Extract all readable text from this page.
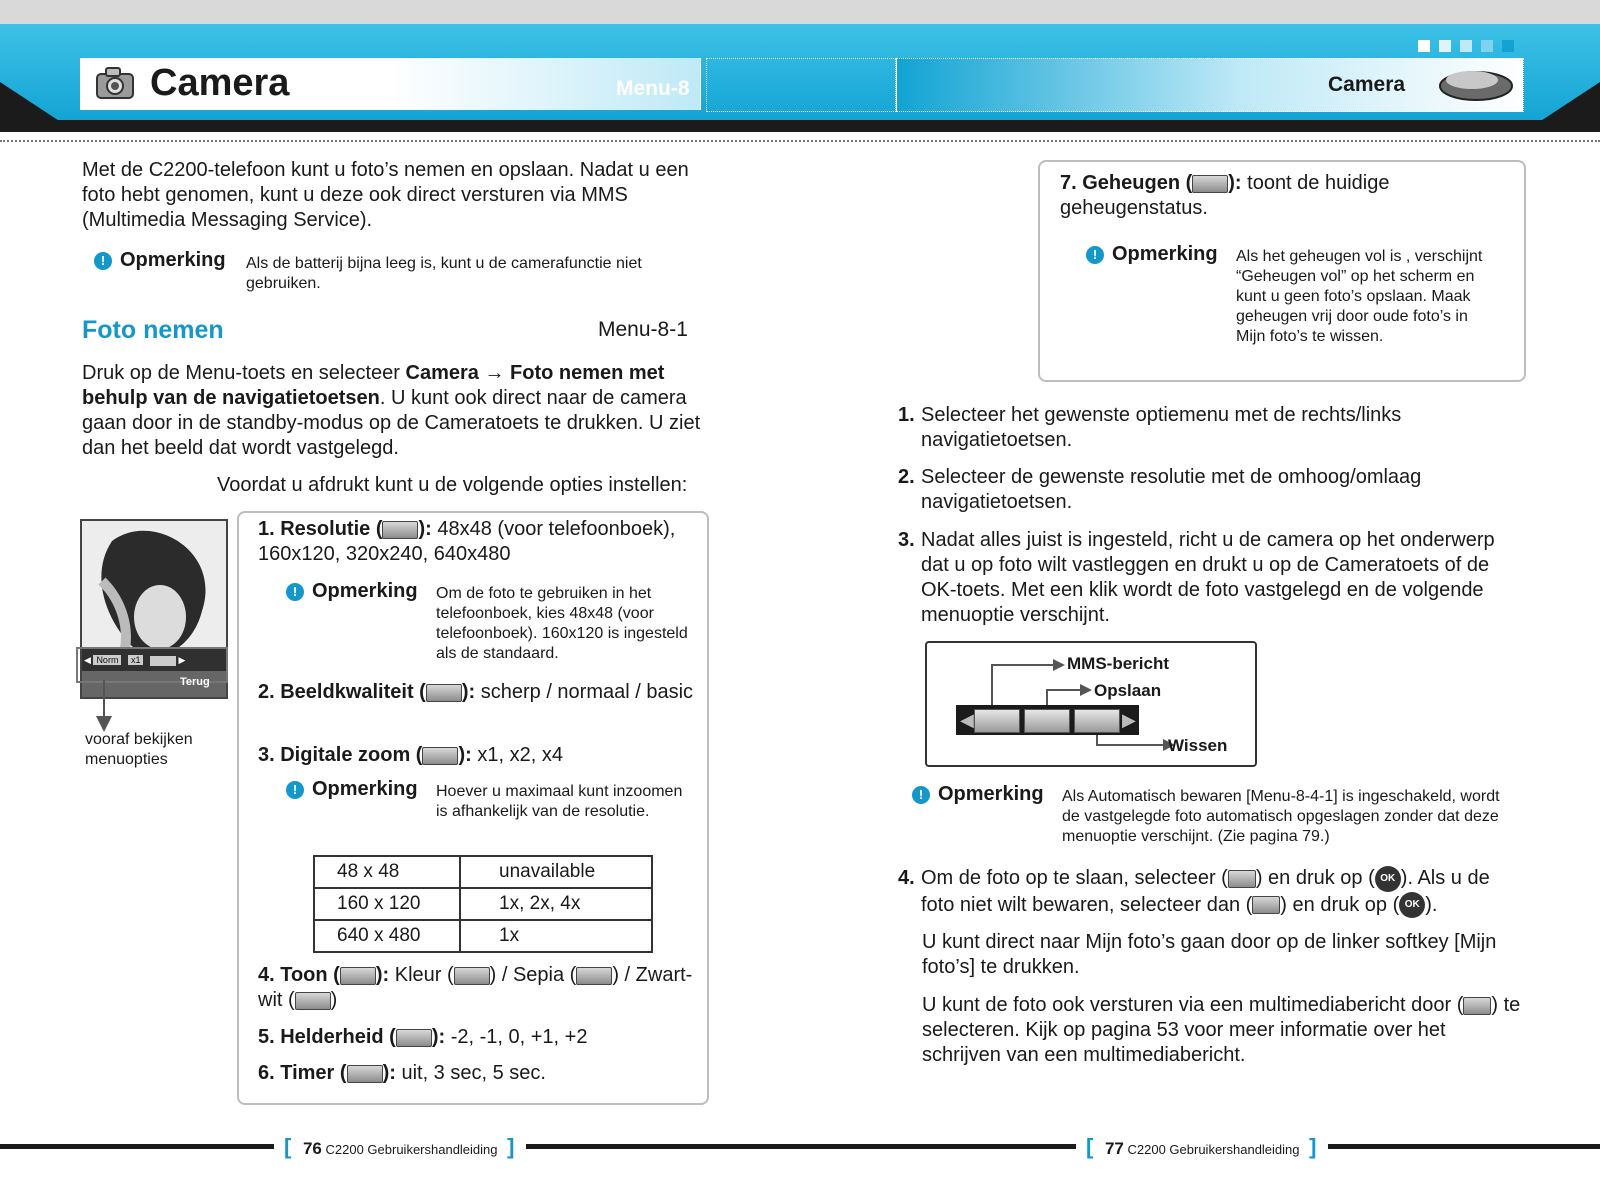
Camera	Menu-8	Camera
Met de C2200-telefoon kunt u foto’s nemen en opslaan. Nadat u een foto hebt genomen, kunt u deze ook direct versturen via MMS (Multimedia Messaging Service).
! Opmerking Als de batterij bijna leeg is, kunt u de camerafunctie niet gebruiken.
Foto nemen	Menu-8-1
Druk op de Menu-toets en selecteer Camera → Foto nemen met behulp van de navigatietoetsen. U kunt ook direct naar de camera gaan door in de standby-modus op de Cameratoets te drukken. U ziet dan het beeld dat wordt vastgelegd.
Voordat u afdrukt kunt u de volgende opties instellen:
◀ Norm x1	▶
Terug
vooraf bekijken menuopties
1. Resolutie ( ): 48x48 (voor telefoonboek), 160x120, 320x240, 640x480
! Opmerking Om de foto te gebruiken in het telefoonboek, kies 48x48 (voor telefoonboek). 160x120 is ingesteld als de standaard.
2. Beeldkwaliteit ( ): scherp / normaal / basic
3. Digitale zoom ( ): x1, x2, x4
! Opmerking Hoever u maximaal kunt inzoomen is afhankelijk van de resolutie.
48 x 48	unavailable
160 x 120	1x, 2x, 4x
640 x 480	1x
4. Toon ( ): Kleur ( ) / Sepia ( ) / Zwart-wit ( )
5. Helderheid ( ): -2, -1, 0, +1, +2
6. Timer ( ): uit, 3 sec, 5 sec.
7. Geheugen ( ): toont de huidige geheugenstatus.
! Opmerking Als het geheugen vol is , verschijnt “Geheugen vol” op het scherm en kunt u geen foto’s opslaan. Maak geheugen vrij door oude foto’s in Mijn foto’s te wissen.
1. Selecteer het gewenste optiemenu met de rechts/links navigatietoetsen.
2. Selecteer de gewenste resolutie met de omhoog/omlaag navigatietoetsen.
3. Nadat alles juist is ingesteld, richt u de camera op het onderwerp dat u op foto wilt vastleggen en drukt u op de Cameratoets of de OK-toets. Met een klik wordt de foto vastgelegd en de volgende menuoptie verschijnt.
MMS-bericht
Opslaan
Wissen
◀	▶
! Opmerking Als Automatisch bewaren [Menu-8-4-1] is ingeschakeld, wordt de vastgelegde foto automatisch opgeslagen zonder dat deze menuoptie verschijnt. (Zie pagina 79.)
4. Om de foto op te slaan, selecteer ( ) en druk op ( OK ). Als u de foto niet wilt bewaren, selecteer dan ( ) en druk op ( OK ).
U kunt direct naar Mijn foto’s gaan door op de linker softkey [Mijn foto’s] te drukken.
U kunt de foto ook versturen via een multimediabericht door ( ) te selecteren. Kijk op pagina 53 voor meer informatie over het schrijven van een multimediabericht.
[ 76 C2200 Gebruikershandleiding ]	[ 77 C2200 Gebruikershandleiding ]
